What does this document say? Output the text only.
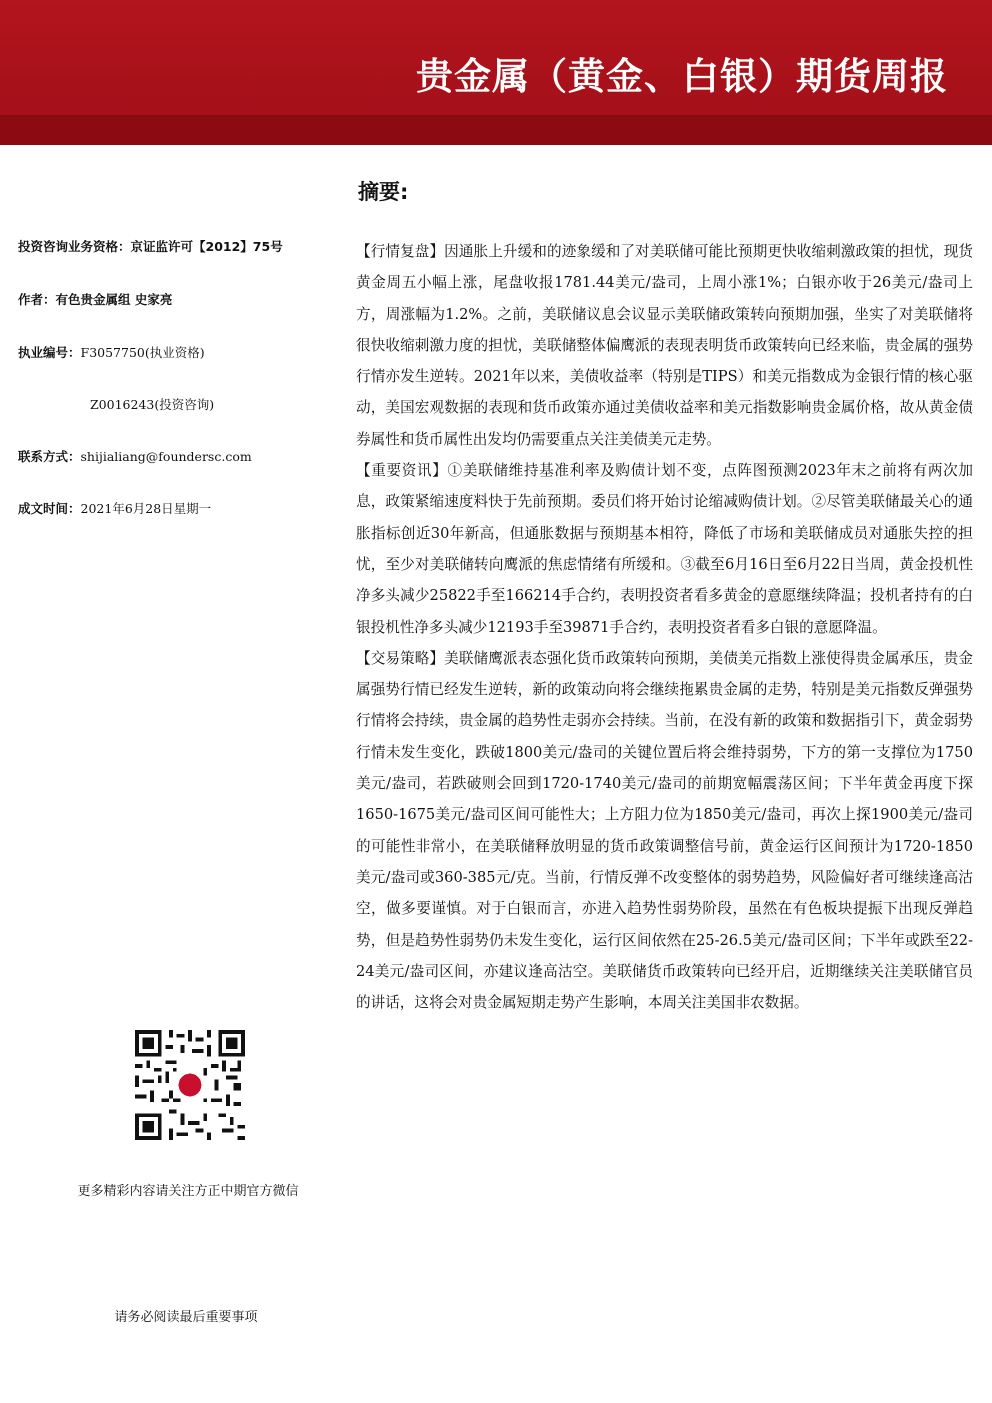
贵金属（黄金、白银）期货周报
摘要:
投资咨询业务资格：京证监许可【2012】75号
作者：有色贵金属组 史家亮
执业编号：F3057750(执业资格)
Z0016243(投资咨询)
联系方式：shijialiang@foundersc.com
成文时间：2021年6月28日星期一
更多精彩内容请关注方正中期官方微信
请务必阅读最后重要事项

【行情复盘】因通胀上升缓和的迹象缓和了对美联储可能比预期更快收缩刺激政策的担忧，现货黄金周五小幅上涨，尾盘收报1781.44美元/盎司，上周小涨1%；白银亦收于26美元/盎司上方，周涨幅为1.2%。之前，美联储议息会议显示美联储政策转向预期加强，坐实了对美联储将很快收缩刺激力度的担忧，美联储整体偏鹰派的表现表明货币政策转向已经来临，贵金属的强势行情亦发生逆转。2021年以来，美债收益率（特别是TIPS）和美元指数成为金银行情的核心驱动，美国宏观数据的表现和货币政策亦通过美债收益率和美元指数影响贵金属价格，故从黄金债券属性和货币属性出发均仍需要重点关注美债美元走势。

【重要资讯】①美联储维持基准利率及购债计划不变，点阵图预测2023年末之前将有两次加息，政策紧缩速度料快于先前预期。委员们将开始讨论缩减购债计划。②尽管美联储最关心的通胀指标创近30年新高，但通胀数据与预期基本相符，降低了市场和美联储成员对通胀失控的担忧，至少对美联储转向鹰派的焦虑情绪有所缓和。③截至6月16日至6月22日当周，黄金投机性净多头减少25822手至166214手合约，表明投资者看多黄金的意愿继续降温；投机者持有的白银投机性净多头减少12193手至39871手合约，表明投资者看多白银的意愿降温。

【交易策略】美联储鹰派表态强化货币政策转向预期，美债美元指数上涨使得贵金属承压，贵金属强势行情已经发生逆转，新的政策动向将会继续拖累贵金属的走势，特别是美元指数反弹强势行情将会持续，贵金属的趋势性走弱亦会持续。当前，在没有新的政策和数据指引下，黄金弱势行情未发生变化，跌破1800美元/盎司的关键位置后将会维持弱势，下方的第一支撑位为1750美元/盎司，若跌破则会回到1720-1740美元/盎司的前期宽幅震荡区间；下半年黄金再度下探1650-1675美元/盎司区间可能性大；上方阻力位为1850美元/盎司，再次上探1900美元/盎司的可能性非常小，在美联储释放明显的货币政策调整信号前，黄金运行区间预计为1720-1850美元/盎司或360-385元/克。当前，行情反弹不改变整体的弱势趋势，风险偏好者可继续逢高沽空，做多要谨慎。对于白银而言，亦进入趋势性弱势阶段，虽然在有色板块提振下出现反弹趋势，但是趋势性弱势仍未发生变化，运行区间依然在25-26.5美元/盎司区间；下半年或跌至22-24美元/盎司区间，亦建议逢高沽空。美联储货币政策转向已经开启，近期继续关注美联储官员的讲话，这将会对贵金属短期走势产生影响，本周关注美国非农数据。
